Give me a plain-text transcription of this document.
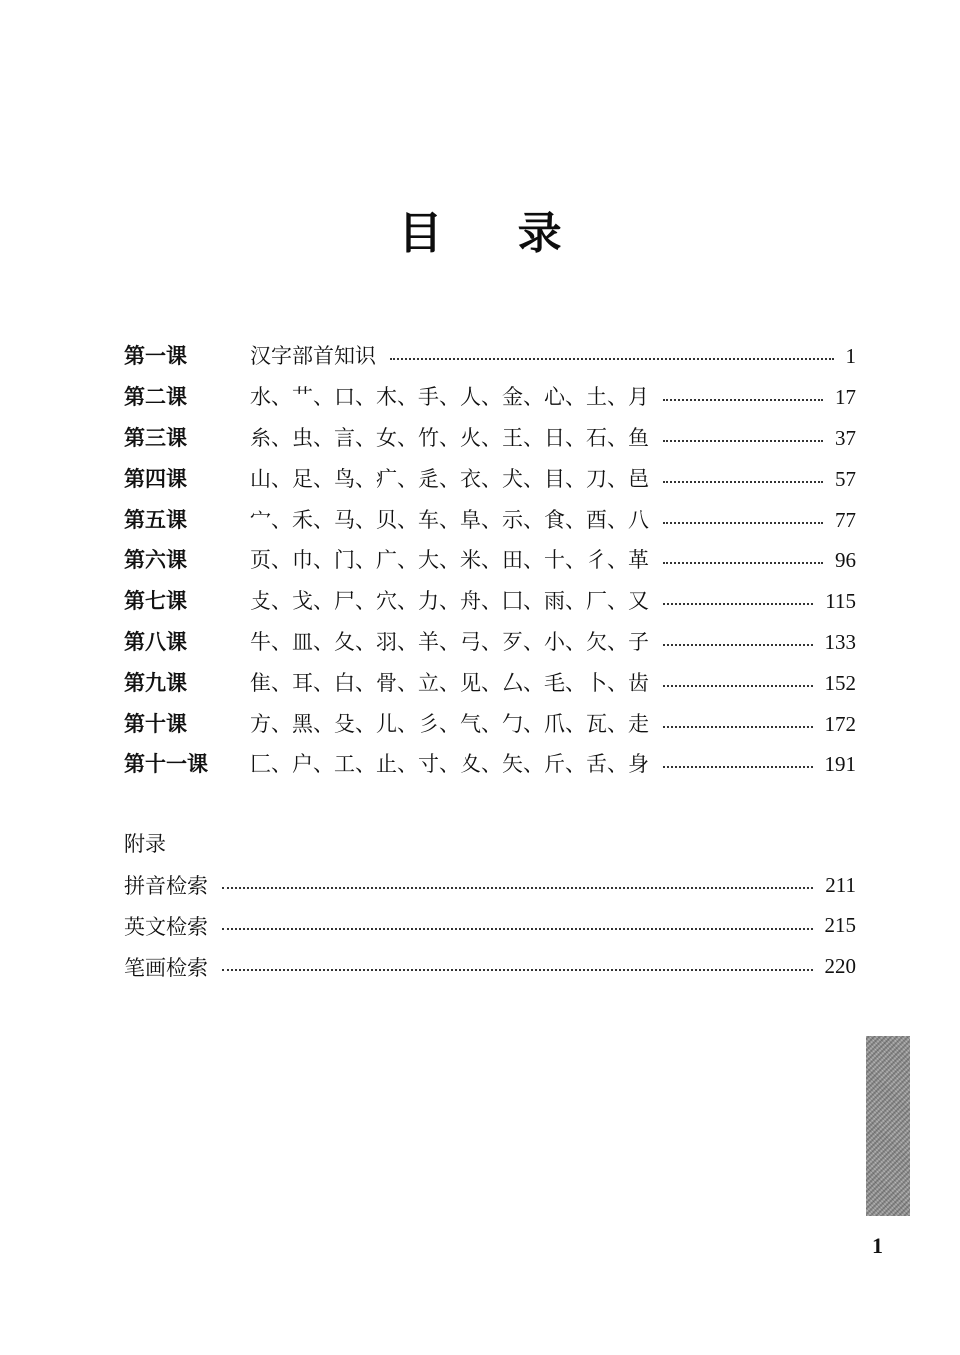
目 录
第一课	汉字部首知识	1
第二课	水、艹、口、木、手、人、金、心、土、月	17
第三课	糸、虫、言、女、竹、火、王、日、石、鱼	37
第四课	山、足、鸟、疒、辵、衣、犬、目、刀、邑	57
第五课	宀、禾、马、贝、车、阜、示、食、酉、八	77
第六课	页、巾、门、广、大、米、田、十、彳、革	96
第七课	攴、戈、尸、穴、力、舟、囗、雨、厂、又	115
第八课	牛、皿、夂、羽、羊、弓、歹、小、欠、子	133
第九课	隹、耳、白、骨、立、见、厶、毛、卜、齿	152
第十课	方、黑、殳、儿、彡、气、勹、爪、瓦、走	172
第十一课	匚、户、工、止、寸、夊、矢、斤、舌、身	191
附录
拼音检索	211
英文检索	215
笔画检索	220
1
